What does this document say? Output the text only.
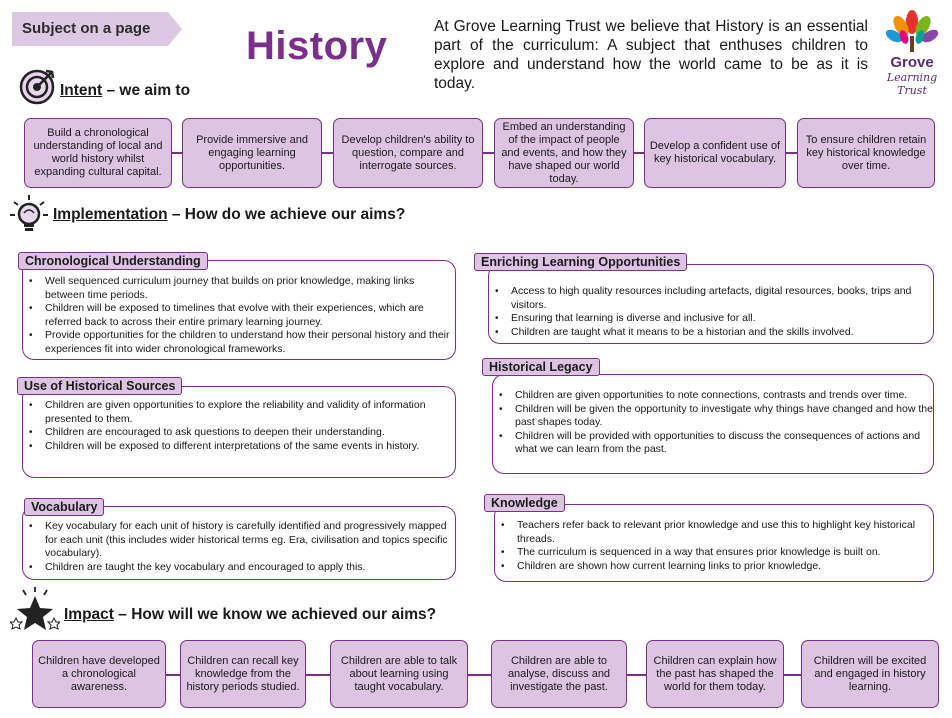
Subject on a page History	At Grove Learning Trust we believe that History is an essential part of the curriculum: A subject that enthuses children to explore and understand how the world came to be as it is today.
Grove
Learning Trust
Intent – we aim to
Build a chronological understanding of local and world history whilst expanding cultural capital.
Provide immersive and engaging learning opportunities.
Develop children's ability to question, compare and interrogate sources.
Embed an understanding of the impact of people and events, and how they have shaped our world today.
Develop a confident use of key historical vocabulary.
To ensure children retain key historical knowledge over time.
Implementation – How do we achieve our aims?
• Well sequenced curriculum journey that builds on prior knowledge, making links between time periods.
• Children will be exposed to timelines that evolve with their experiences, which are referred back to across their entire primary learning journey.
• Provide opportunities for the children to understand how their personal history and their experiences fit into wider chronological frameworks.
Chronological Understanding
• Children are given opportunities to explore the reliability and validity of information presented to them.
• Children are encouraged to ask questions to deepen their understanding.
• Children will be exposed to different interpretations of the same events in history.
Use of Historical Sources
• Key vocabulary for each unit of history is carefully identified and progressively mapped for each unit (this includes wider historical terms eg. Era, civilisation and topics specific vocabulary).
• Children are taught the key vocabulary and encouraged to apply this.
Vocabulary
• Access to high quality resources including artefacts, digital resources, books, trips and visitors.
• Ensuring that learning is diverse and inclusive for all.
• Children are taught what it means to be a historian and the skills involved.
Enriching Learning Opportunities
• Children are given opportunities to note connections, contrasts and trends over time.
• Children will be given the opportunity to investigate why things have changed and how the past shapes today.
• Children will be provided with opportunities to discuss the consequences of actions and what we can learn from the past.
Historical Legacy
• Teachers refer back to relevant prior knowledge and use this to highlight key historical threads.
• The curriculum is sequenced in a way that ensures prior knowledge is built on.
• Children are shown how current learning links to prior knowledge.
Knowledge
Impact – How will we know we achieved our aims?
Children have developed a chronological awareness.
Children can recall key knowledge from the history periods studied.
Children are able to talk about learning using taught vocabulary.
Children are able to analyse, discuss and investigate the past.
Children can explain how the past has shaped the world for them today.
Children will be excited and engaged in history learning.
